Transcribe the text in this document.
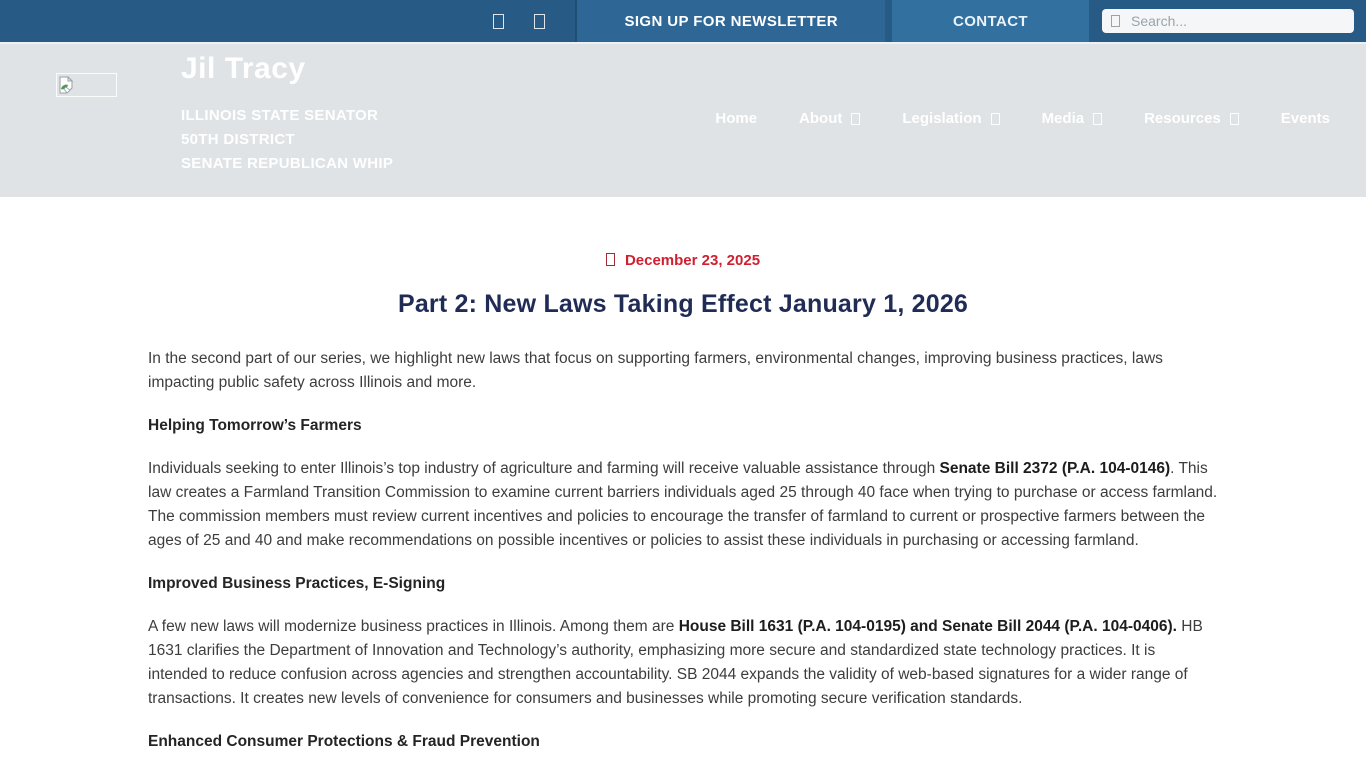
SIGN UP FOR NEWSLETTER	CONTACT
Search...
Jil Tracy
ILLINOIS STATE SENATOR
50TH DISTRICT
SENATE REPUBLICAN WHIP
Home	About	Legislation	Media	Resources	Events
December 23, 2025
Part 2: New Laws Taking Effect January 1, 2026

In the second part of our series, we highlight new laws that focus on supporting farmers, environmental changes, improving business practices, laws impacting public safety across Illinois and more.

Helping Tomorrow’s Farmers

Individuals seeking to enter Illinois’s top industry of agriculture and farming will receive valuable assistance through Senate Bill 2372 (P.A. 104-0146). This law creates a Farmland Transition Commission to examine current barriers individuals aged 25 through 40 face when trying to purchase or access farmland. The commission members must review current incentives and policies to encourage the transfer of farmland to current or prospective farmers between the ages of 25 and 40 and make recommendations on possible incentives or policies to assist these individuals in purchasing or accessing farmland.

Improved Business Practices, E-Signing

A few new laws will modernize business practices in Illinois. Among them are House Bill 1631 (P.A. 104-0195) and Senate Bill 2044 (P.A. 104-0406). HB 1631 clarifies the Department of Innovation and Technology’s authority, emphasizing more secure and standardized state technology practices. It is intended to reduce confusion across agencies and strengthen accountability. SB 2044 expands the validity of web-based signatures for a wider range of transactions. It creates new levels of convenience for consumers and businesses while promoting secure verification standards.

Enhanced Consumer Protections & Fraud Prevention
